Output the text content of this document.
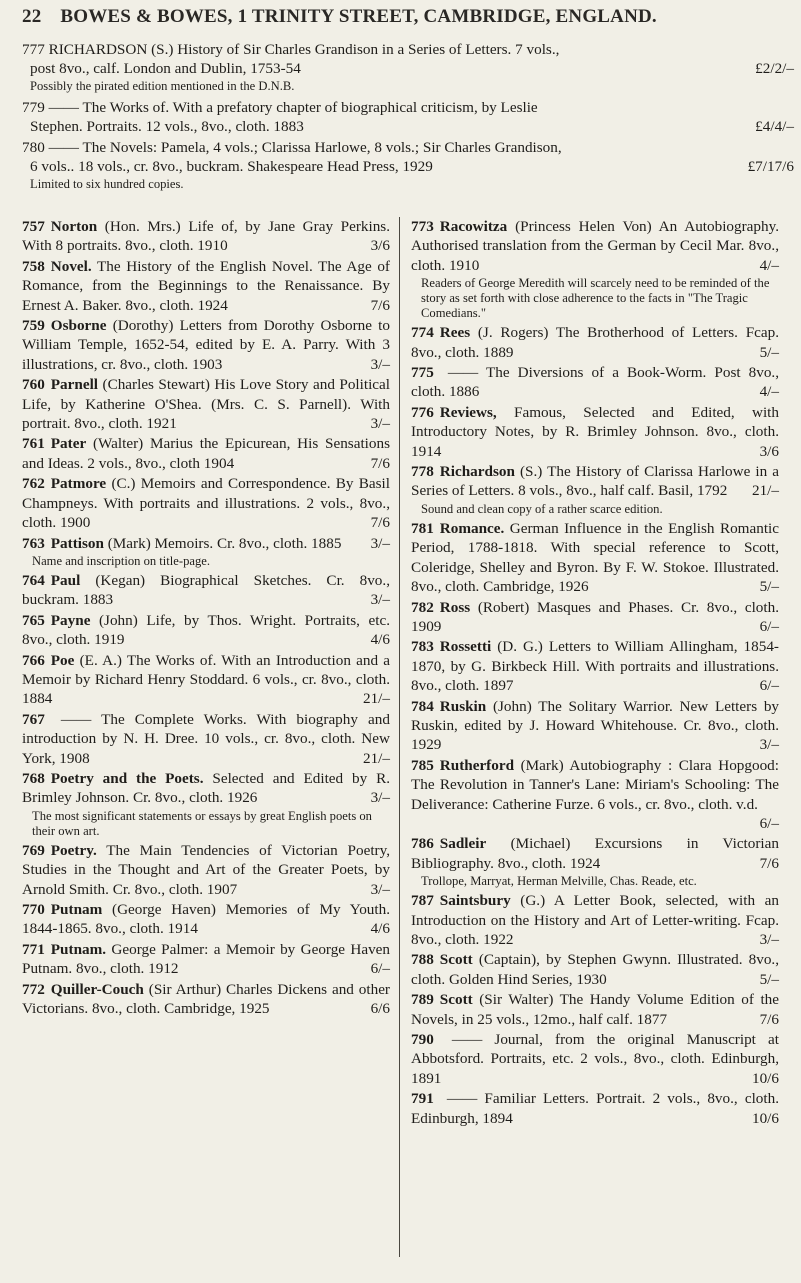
22 BOWES & BOWES, 1 TRINITY STREET, CAMBRIDGE, ENGLAND.
777 RICHARDSON (S.) History of Sir Charles Grandison in a Series of Letters. 7 vols.,
post 8vo., calf. London and Dublin, 1753-54	£2/2/–
Possibly the pirated edition mentioned in the D.N.B.
779 —— The Works of. With a prefatory chapter of biographical criticism, by Leslie
Stephen. Portraits. 12 vols., 8vo., cloth. 1883	£4/4/–
780 —— The Novels: Pamela, 4 vols.; Clarissa Harlowe, 8 vols.; Sir Charles Grandison,
6 vols.. 18 vols., cr. 8vo., buckram. Shakespeare Head Press, 1929	£7/17/6
Limited to six hundred copies.
757 Norton (Hon. Mrs.) Life of, by Jane Gray Perkins. With 8 portraits. 8vo., cloth. 1910	3/6
758 Novel. The History of the English Novel. The Age of Romance, from the Beginnings to the Renaissance. By Ernest A. Baker. 8vo., cloth. 1924	7/6
759 Osborne (Dorothy) Letters from Dorothy Osborne to William Temple, 1652-54, edited by E. A. Parry. With 3 illustrations, cr. 8vo., cloth. 1903	3/–
760 Parnell (Charles Stewart) His Love Story and Political Life, by Katherine O'Shea. (Mrs. C. S. Parnell). With portrait. 8vo., cloth. 1921	3/–
761 Pater (Walter) Marius the Epicurean, His Sensations and Ideas. 2 vols., 8vo., cloth 1904	7/6
762 Patmore (C.) Memoirs and Correspondence. By Basil Champneys. With portraits and illustrations. 2 vols., 8vo., cloth. 1900	7/6
763 Pattison (Mark) Memoirs. Cr. 8vo., cloth. 1885 3/–
Name and inscription on title-page.
764 Paul (Kegan) Biographical Sketches. Cr. 8vo., buckram. 1883	3/–
765 Payne (John) Life, by Thos. Wright. Portraits, etc. 8vo., cloth. 1919	4/6
766 Poe (E. A.) The Works of. With an Introduction and a Memoir by Richard Henry Stoddard. 6 vols., cr. 8vo., cloth. 1884	21/–
767 —— The Complete Works. With biography and introduction by N. H. Dree. 10 vols., cr. 8vo., cloth. New York, 1908	21/–
768 Poetry and the Poets. Selected and Edited by R. Brimley Johnson. Cr. 8vo., cloth. 1926	3/–
The most significant statements or essays by great English poets on their own art.
769 Poetry. The Main Tendencies of Victorian Poetry, Studies in the Thought and Art of the Greater Poets, by Arnold Smith. Cr. 8vo., cloth. 1907	3/–
770 Putnam (George Haven) Memories of My Youth. 1844-1865. 8vo., cloth. 1914	4/6
771 Putnam. George Palmer: a Memoir by George Haven Putnam. 8vo., cloth. 1912	6/–
772 Quiller-Couch (Sir Arthur) Charles Dickens and other Victorians. 8vo., cloth. Cambridge, 1925	6/6
773 Racowitza (Princess Helen Von) An Autobiography. Authorised translation from the German by Cecil Mar. 8vo., cloth. 1910	4/–
Readers of George Meredith will scarcely need to be reminded of the story as set forth with close adherence to the facts in "The Tragic Comedians."
774 Rees (J. Rogers) The Brotherhood of Letters. Fcap. 8vo., cloth. 1889	5/–
775 —— The Diversions of a Book-Worm. Post 8vo., cloth. 1886	4/–
776 Reviews, Famous, Selected and Edited, with Introductory Notes, by R. Brimley Johnson. 8vo., cloth. 1914	3/6
778 Richardson (S.) The History of Clarissa Harlowe in a Series of Letters. 8 vols., 8vo., half calf. Basil, 1792 21/–
Sound and clean copy of a rather scarce edition.
781 Romance. German Influence in the English Romantic Period, 1788-1818. With special reference to Scott, Coleridge, Shelley and Byron. By F. W. Stokoe. Illustrated. 8vo., cloth. Cambridge, 1926	5/–
782 Ross (Robert) Masques and Phases. Cr. 8vo., cloth. 1909	6/–
783 Rossetti (D. G.) Letters to William Allingham, 1854-1870, by G. Birkbeck Hill. With portraits and illustrations. 8vo., cloth. 1897	6/–
784 Ruskin (John) The Solitary Warrior. New Letters by Ruskin, edited by J. Howard Whitehouse. Cr. 8vo., cloth. 1929	3/–
785 Rutherford (Mark) Autobiography : Clara Hopgood: The Revolution in Tanner's Lane: Miriam's Schooling: The Deliverance: Catherine Furze. 6 vols., cr. 8vo., cloth. v.d.
6/–
786 Sadleir (Michael) Excursions in Victorian Bibliography. 8vo., cloth. 1924	7/6
Trollope, Marryat, Herman Melville, Chas. Reade, etc.
787 Saintsbury (G.) A Letter Book, selected, with an Introduction on the History and Art of Letter-writing. Fcap. 8vo., cloth. 1922	3/–
788 Scott (Captain), by Stephen Gwynn. Illustrated. 8vo., cloth. Golden Hind Series, 1930	5/–
789 Scott (Sir Walter) The Handy Volume Edition of the Novels, in 25 vols., 12mo., half calf. 1877	7/6
790 —— Journal, from the original Manuscript at Abbotsford. Portraits, etc. 2 vols., 8vo., cloth. Edinburgh, 1891	10/6
791 —— Familiar Letters. Portrait. 2 vols., 8vo., cloth. Edinburgh, 1894	10/6
